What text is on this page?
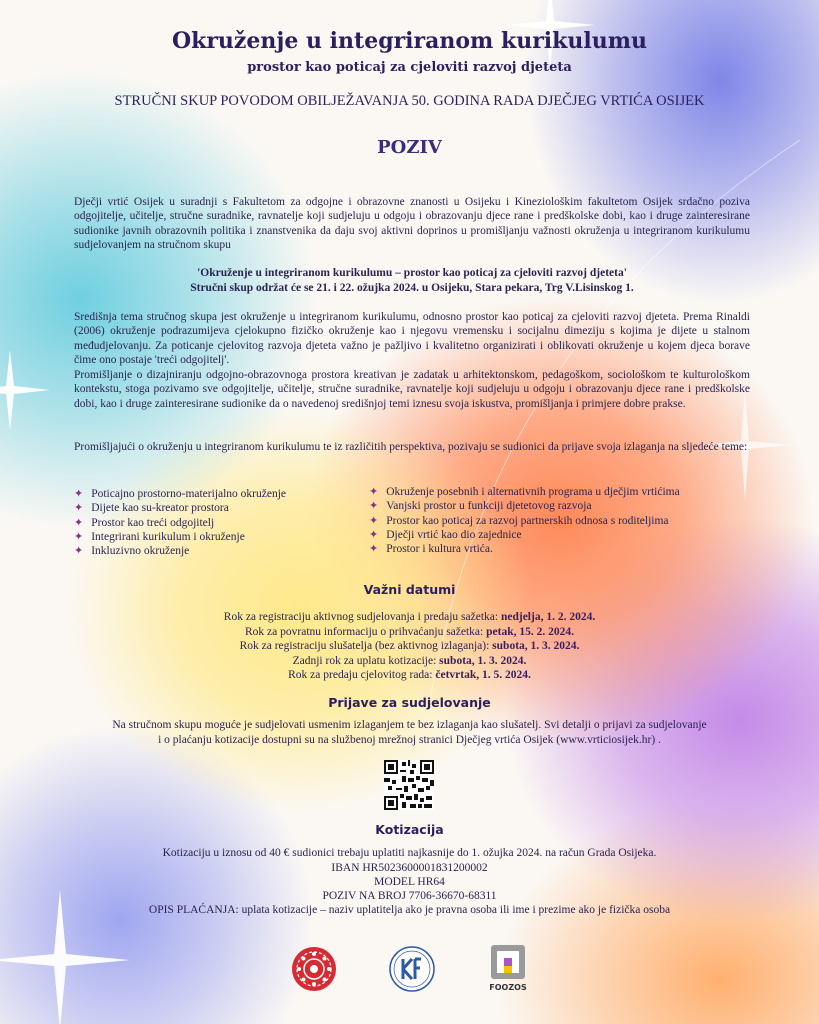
Okruženje u integriranom kurikulumu
prostor kao poticaj za cjeloviti razvoj djeteta
STRUČNI SKUP POVODOM OBILJEŽAVANJA 50. GODINA RADA DJEČJEG VRTIĆA OSIJEK
POZIV

Dječji vrtić Osijek u suradnji s Fakultetom za odgojne i obrazovne znanosti u Osijeku i Kineziološkim fakultetom Osijek srdačno poziva odgojitelje, učitelje, stručne suradnike, ravnatelje koji sudjeluju u odgoju i obrazovanju djece rane i predškolske dobi, kao i druge zainteresirane sudionike javnih obrazovnih politika i znanstvenika da daju svoj aktivni doprinos u promišljanju važnosti okruženja u integriranom kurikulumu sudjelovanjem na stručnom skupu

'Okruženje u integriranom kurikulumu – prostor kao poticaj za cjeloviti razvoj djeteta'
Stručni skup održat će se 21. i 22. ožujka 2024. u Osijeku, Stara pekara, Trg V.Lisinskog 1.

Središnja tema stručnog skupa jest okruženje u integriranom kurikulumu, odnosno prostor kao poticaj za cjeloviti razvoj djeteta. Prema Rinaldi (2006) okruženje podrazumijeva cjelokupno fizičko okruženje kao i njegovu vremensku i socijalnu dimeziju s kojima je dijete u stalnom međudjelovanju. Za poticanje cjelovitog razvoja djeteta važno je pažljivo i kvalitetno organizirati i oblikovati okruženje u kojem djeca borave čime ono postaje 'treći odgojitelj'.

Promišljanje o dizajniranju odgojno-obrazovnoga prostora kreativan je zadatak u arhitektonskom, pedagoškom, sociološkom te kulturološkom kontekstu, stoga pozivamo sve odgojitelje, učitelje, stručne suradnike, ravnatelje koji sudjeluju u odgoju i obrazovanju djece rane i predškolske dobi, kao i druge zainteresirane sudionike da o navedenoj središnjoj temi iznesu svoja iskustva, promišljanja i primjere dobre prakse.

Promišljajući o okruženju u integriranom kurikulumu te iz različitih perspektiva, pozivaju se sudionici da prijave svoja izlaganja na sljedeće teme:

✦ Poticajno prostorno-materijalno okruženje
✦ Dijete kao su-kreator prostora
✦ Prostor kao treći odgojitelj
✦ Integrirani kurikulum i okruženje
✦ Inkluzivno okruženje
✦ Okruženje posebnih i alternativnih programa u dječjim vrtićima
✦ Vanjski prostor u funkciji djetetovog razvoja
✦ Prostor kao poticaj za razvoj partnerskih odnosa s roditeljima
✦ Dječji vrtić kao dio zajednice
✦ Prostor i kultura vrtića.
Važni datumi
Rok za registraciju aktivnog sudjelovanja i predaju sažetka: nedjelja, 1. 2. 2024.
Rok za povratnu informaciju o prihvaćanju sažetka: petak, 15. 2. 2024.
Rok za registraciju slušatelja (bez aktivnog izlaganja): subota, 1. 3. 2024.
Zadnji rok za uplatu kotizacije: subota, 1. 3. 2024.
Rok za predaju cjelovitog rada: četvrtak, 1. 5. 2024.
Prijave za sudjelovanje
Na stručnom skupu moguće je sudjelovati usmenim izlaganjem te bez izlaganja kao slušatelj. Svi detalji o prijavi za sudjelovanje
i o plaćanju kotizacije dostupni su na službenoj mrežnoj stranici Dječjeg vrtića Osijek (www.vrticiosijek.hr) .
Kotizacija
Kotizaciju u iznosu od 40 € sudionici trebaju uplatiti najkasnije do 1. ožujka 2024. na račun Grada Osijeka.
IBAN HR5023600001831200002
MODEL HR64
POZIV NA BROJ 7706-36670-68311
OPIS PLAĆANJA: uplata kotizacije – naziv uplatitelja ako je pravna osoba ili ime i prezime ako je fizička osoba
FOOZOS
